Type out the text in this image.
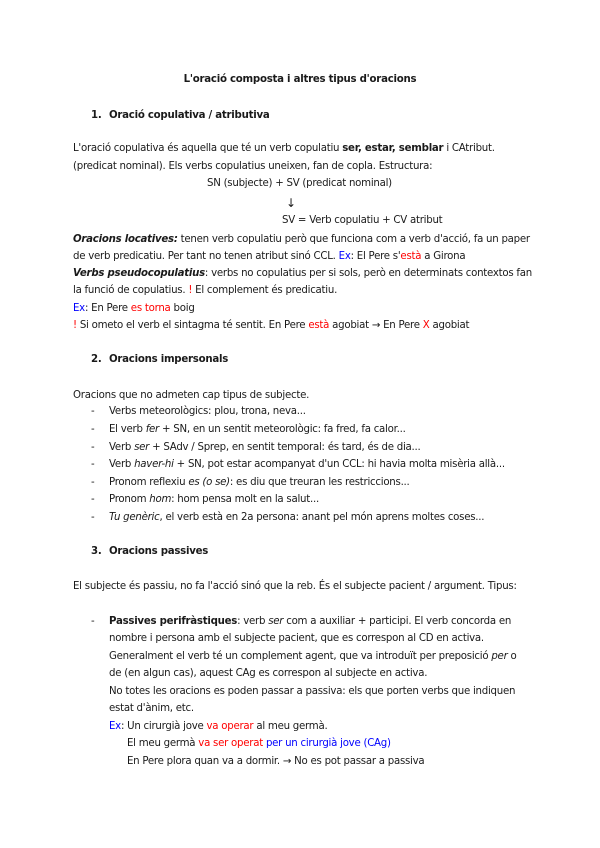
L'oració composta i altres tipus d'oracions
1. Oració copulativa / atributiva
L'oració copulativa és aquella que té un verb copulatiu ser, estar, semblar i CAtribut.
(predicat nominal). Els verbs copulatius uneixen, fan de copla. Estructura:
SN (subjecte) + SV (predicat nominal)
↓
SV = Verb copulatiu + CV atribut
Oracions locatives: tenen verb copulatiu però que funciona com a verb d'acció, fa un paper
de verb predicatiu. Per tant no tenen atribut sinó CCL. Ex: El Pere s'està a Girona
Verbs pseudocopulatius: verbs no copulatius per si sols, però en determinats contextos fan
la funció de copulatius. ! El complement és predicatiu.
Ex: En Pere es torna boig
! Si ometo el verb el sintagma té sentit. En Pere està agobiat → En Pere X agobiat
2. Oracions impersonals
Oracions que no admeten cap tipus de subjecte.
- Verbs meteorològics: plou, trona, neva...
- El verb fer + SN, en un sentit meteorològic: fa fred, fa calor...
- Verb ser + SAdv / Sprep, en sentit temporal: és tard, és de dia...
- Verb haver-hi + SN, pot estar acompanyat d'un CCL: hi havia molta misèria allà...
- Pronom reflexiu es (o se): es diu que treuran les restriccions...
- Pronom hom: hom pensa molt en la salut...
- Tu genèric, el verb està en 2a persona: anant pel món aprens moltes coses...
3. Oracions passives
El subjecte és passiu, no fa l'acció sinó que la reb. És el subjecte pacient / argument. Tipus:
- Passives perifràstiques: verb ser com a auxiliar + participi. El verb concorda en
nombre i persona amb el subjecte pacient, que es correspon al CD en activa.
Generalment el verb té un complement agent, que va introduït per preposició per o
de (en algun cas), aquest CAg es correspon al subjecte en activa.
No totes les oracions es poden passar a passiva: els que porten verbs que indiquen
estat d'ànim, etc.
Ex: Un cirurgià jove va operar al meu germà.
El meu germà va ser operat per un cirurgià jove (CAg)
En Pere plora quan va a dormir. → No es pot passar a passiva
